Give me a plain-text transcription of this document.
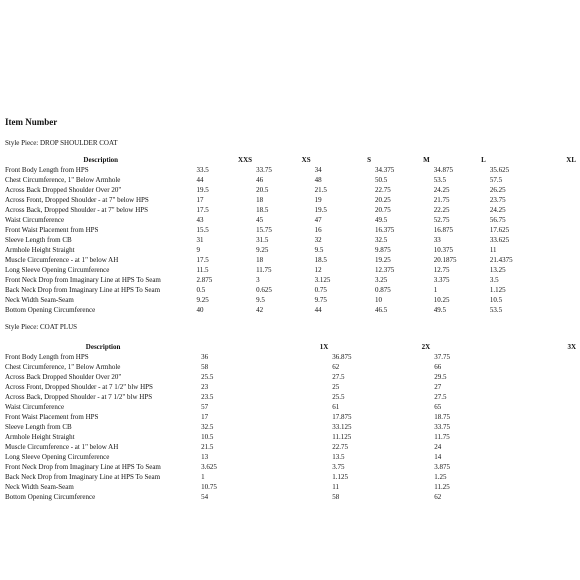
Item Number
Style Piece: DROP SHOULDER COAT
Description	XXS	XS	S	M	L	XL
Front Body Length from HPS	33.5	33.75	34	34.375	34.875	35.625
Chest Circumference, 1" Below Armhole	44	46	48	50.5	53.5	57.5
Across Back Dropped Shoulder Over 20"	19.5	20.5	21.5	22.75	24.25	26.25
Across Front, Dropped Shoulder - at 7" below HPS	17	18	19	20.25	21.75	23.75
Across Back, Dropped Shoulder - at 7" below HPS	17.5	18.5	19.5	20.75	22.25	24.25
Waist Circumference	43	45	47	49.5	52.75	56.75
Front Waist Placement from HPS	15.5	15.75	16	16.375	16.875	17.625
Sleeve Length from CB	31	31.5	32	32.5	33	33.625
Armhole Height Straight	9	9.25	9.5	9.875	10.375	11
Muscle Circumference - at 1" below AH	17.5	18	18.5	19.25	20.1875	21.4375
Long Sleeve Opening Circumference	11.5	11.75	12	12.375	12.75	13.25
Front Neck Drop from Imaginary Line at HPS To Seam	2.875	3	3.125	3.25	3.375	3.5
Back Neck Drop from Imaginary Line at HPS To Seam	0.5	0.625	0.75	0.875	1	1.125
Neck Width Seam-Seam	9.25	9.5	9.75	10	10.25	10.5
Bottom Opening Circumference	40	42	44	46.5	49.5	53.5
Style Piece: COAT PLUS
Description	1X	2X	3X
Front Body Length from HPS	36	36.875	37.75
Chest Circumference, 1" Below Armhole	58	62	66
Across Back Dropped Shoulder Over 20"	25.5	27.5	29.5
Across Front, Dropped Shoulder - at 7 1/2" blw HPS	23	25	27
Across Back, Dropped Shoulder - at 7 1/2" blw HPS	23.5	25.5	27.5
Waist Circumference	57	61	65
Front Waist Placement from HPS	17	17.875	18.75
Sleeve Length from CB	32.5	33.125	33.75
Armhole Height Straight	10.5	11.125	11.75
Muscle Circumference - at 1" below AH	21.5	22.75	24
Long Sleeve Opening Circumference	13	13.5	14
Front Neck Drop from Imaginary Line at HPS To Seam	3.625	3.75	3.875
Back Neck Drop from Imaginary Line at HPS To Seam	1	1.125	1.25
Neck Width Seam-Seam	10.75	11	11.25
Bottom Opening Circumference	54	58	62
